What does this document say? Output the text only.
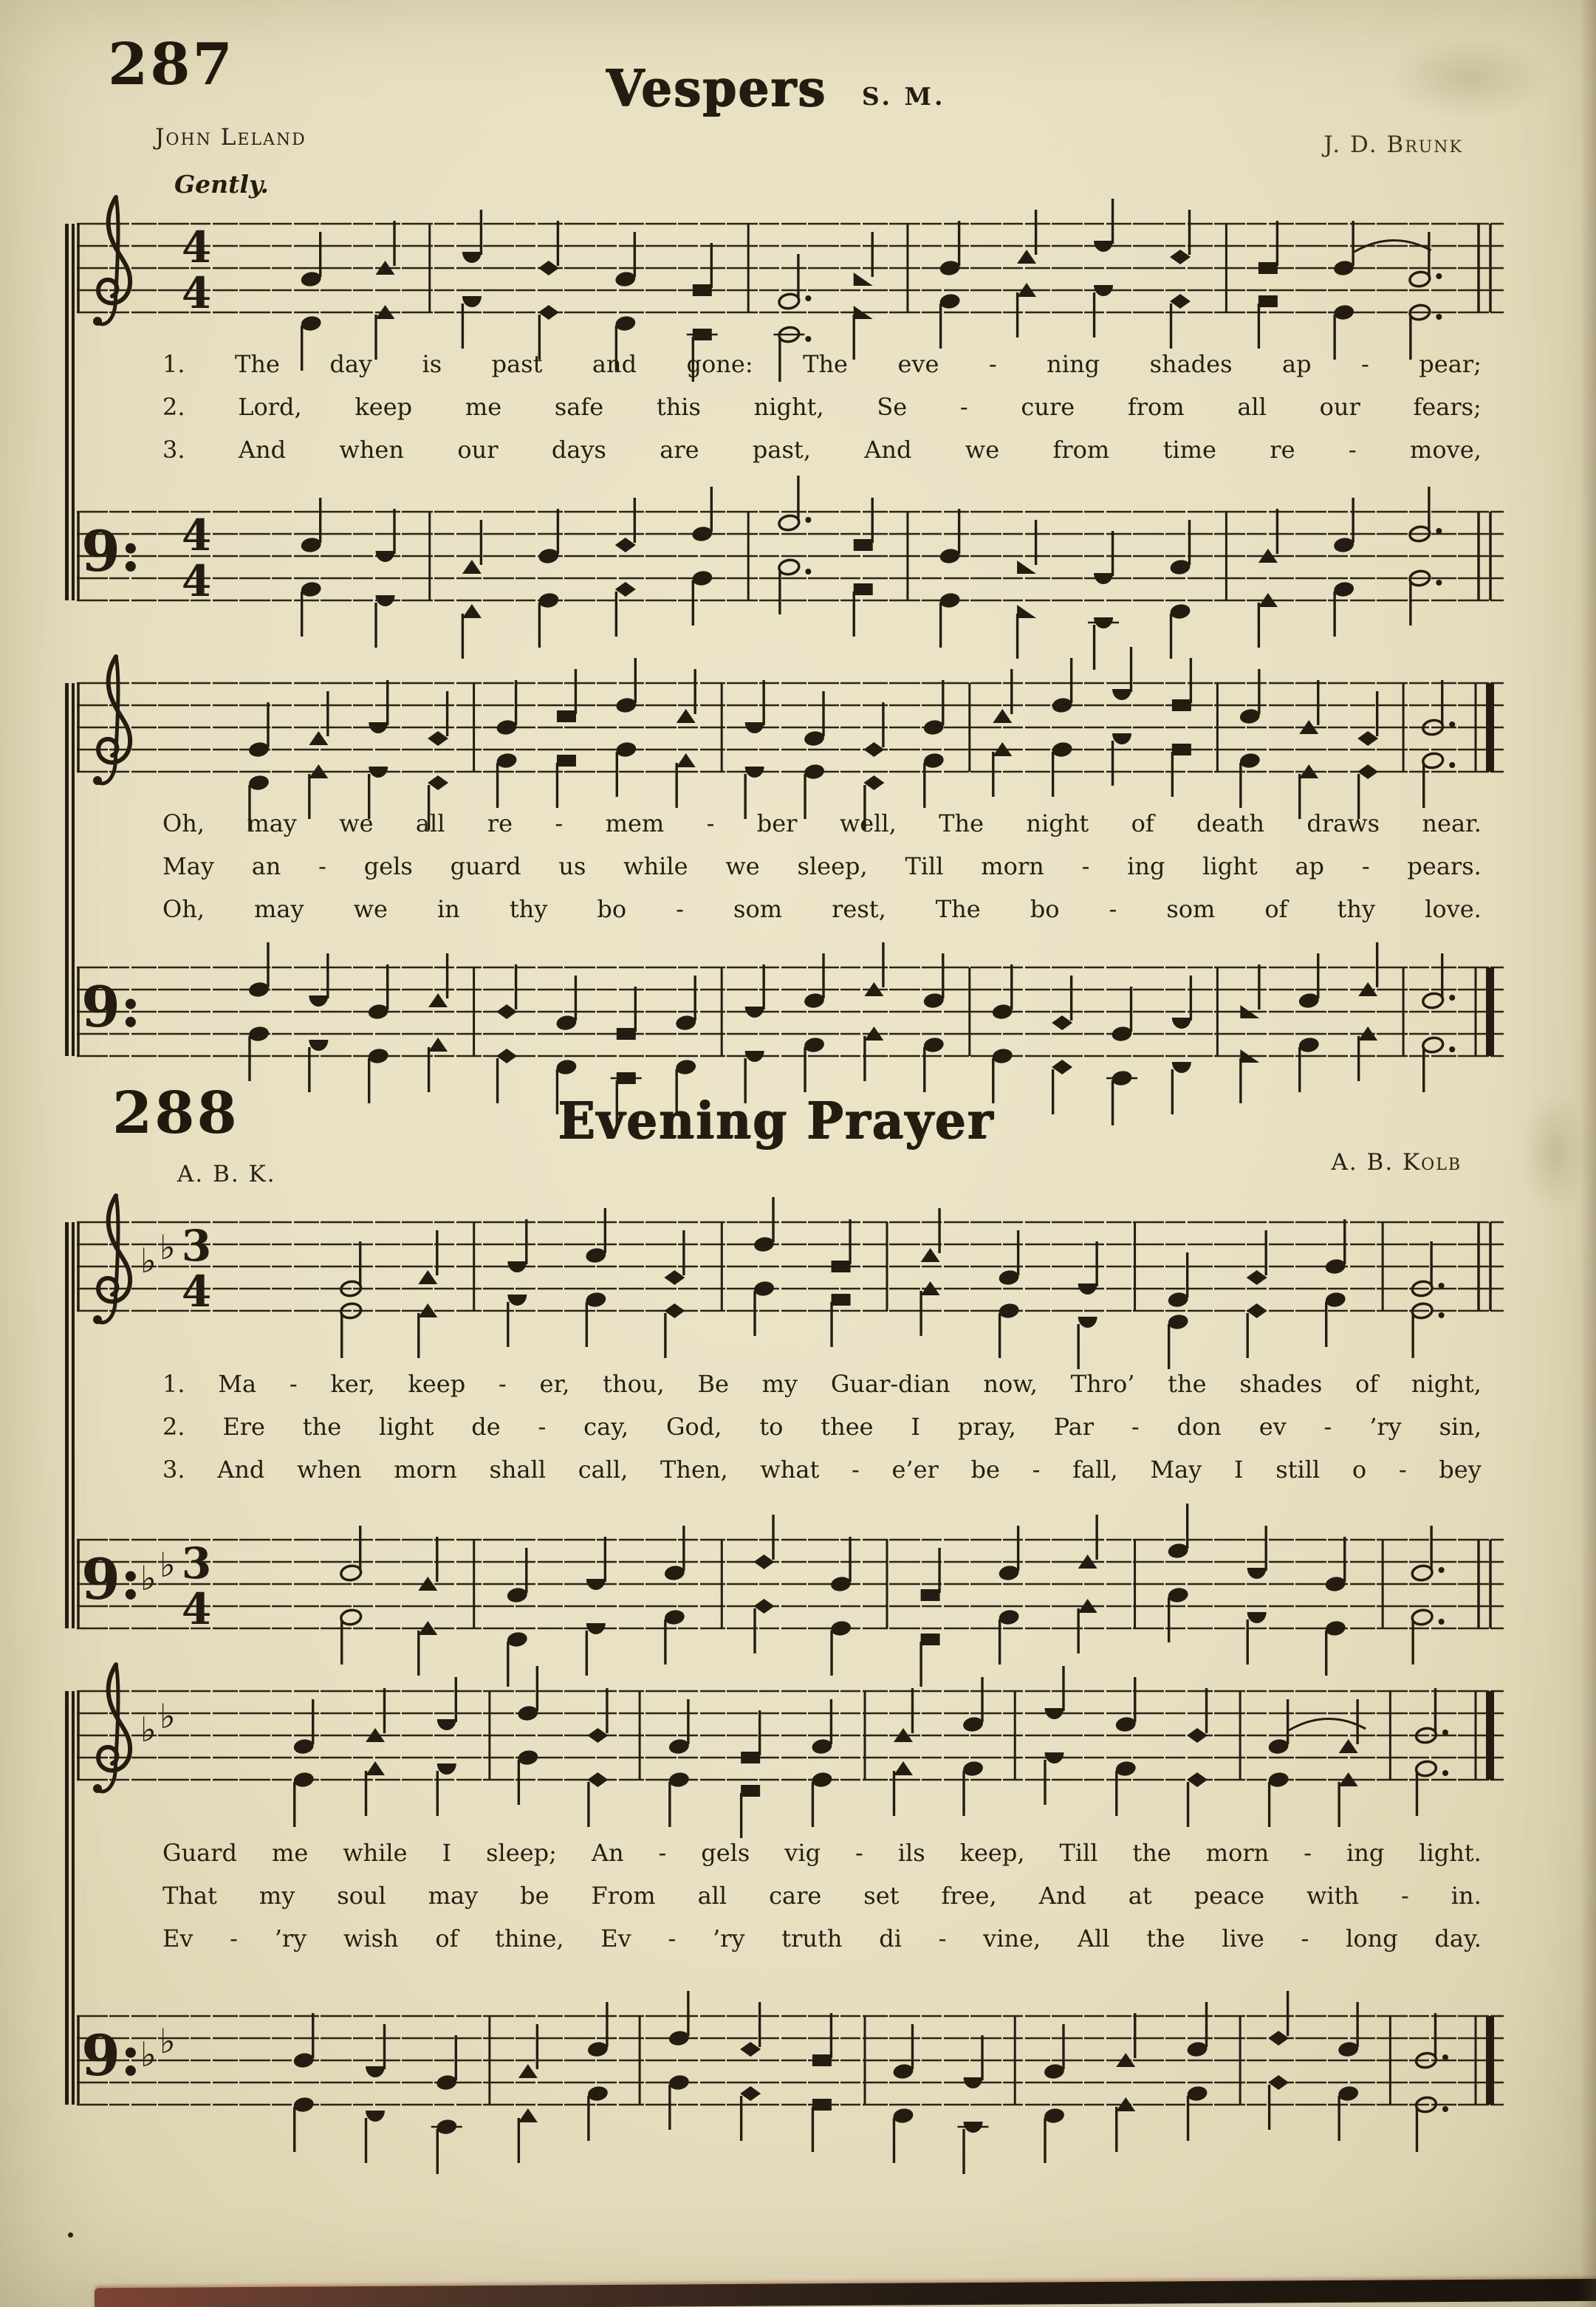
287	Vespers S. M.
John Leland	J. D. Brunk
Gently.
4
4
1. The day is past and gone: The eve - ning shades ap - pear;
2. Lord, keep me safe this night, Se - cure from all our fears;
3. And when our days are past, And we from time re - move,
9: 4
4
Oh, may we all re - mem - ber well, The night of death draws near.
May an - gels guard us while we sleep, Till morn - ing light ap - pears.
Oh, may we in thy bo - som rest, The bo - som of thy love.
9:
288	Evening Prayer
A. B. K.	A. B. Kolb
♭ ♭ 3
4
1. Ma - ker, keep - er, thou, Be my Guar-dian now, Thro’ the shades of night,
2. Ere the light de - cay, God, to thee I pray, Par - don ev - ’ry sin,
3. And when morn shall call, Then, what - e’er be - fall, May I still o - bey
9: ♭ ♭ 3
4
♭ ♭
Guard me while I sleep; An - gels vig - ils keep, Till the morn - ing light.
That my soul may be From all care set free, And at peace with - in.
Ev - ’ry wish of thine, Ev - ’ry truth di - vine, All the live - long day.
9: ♭ ♭
